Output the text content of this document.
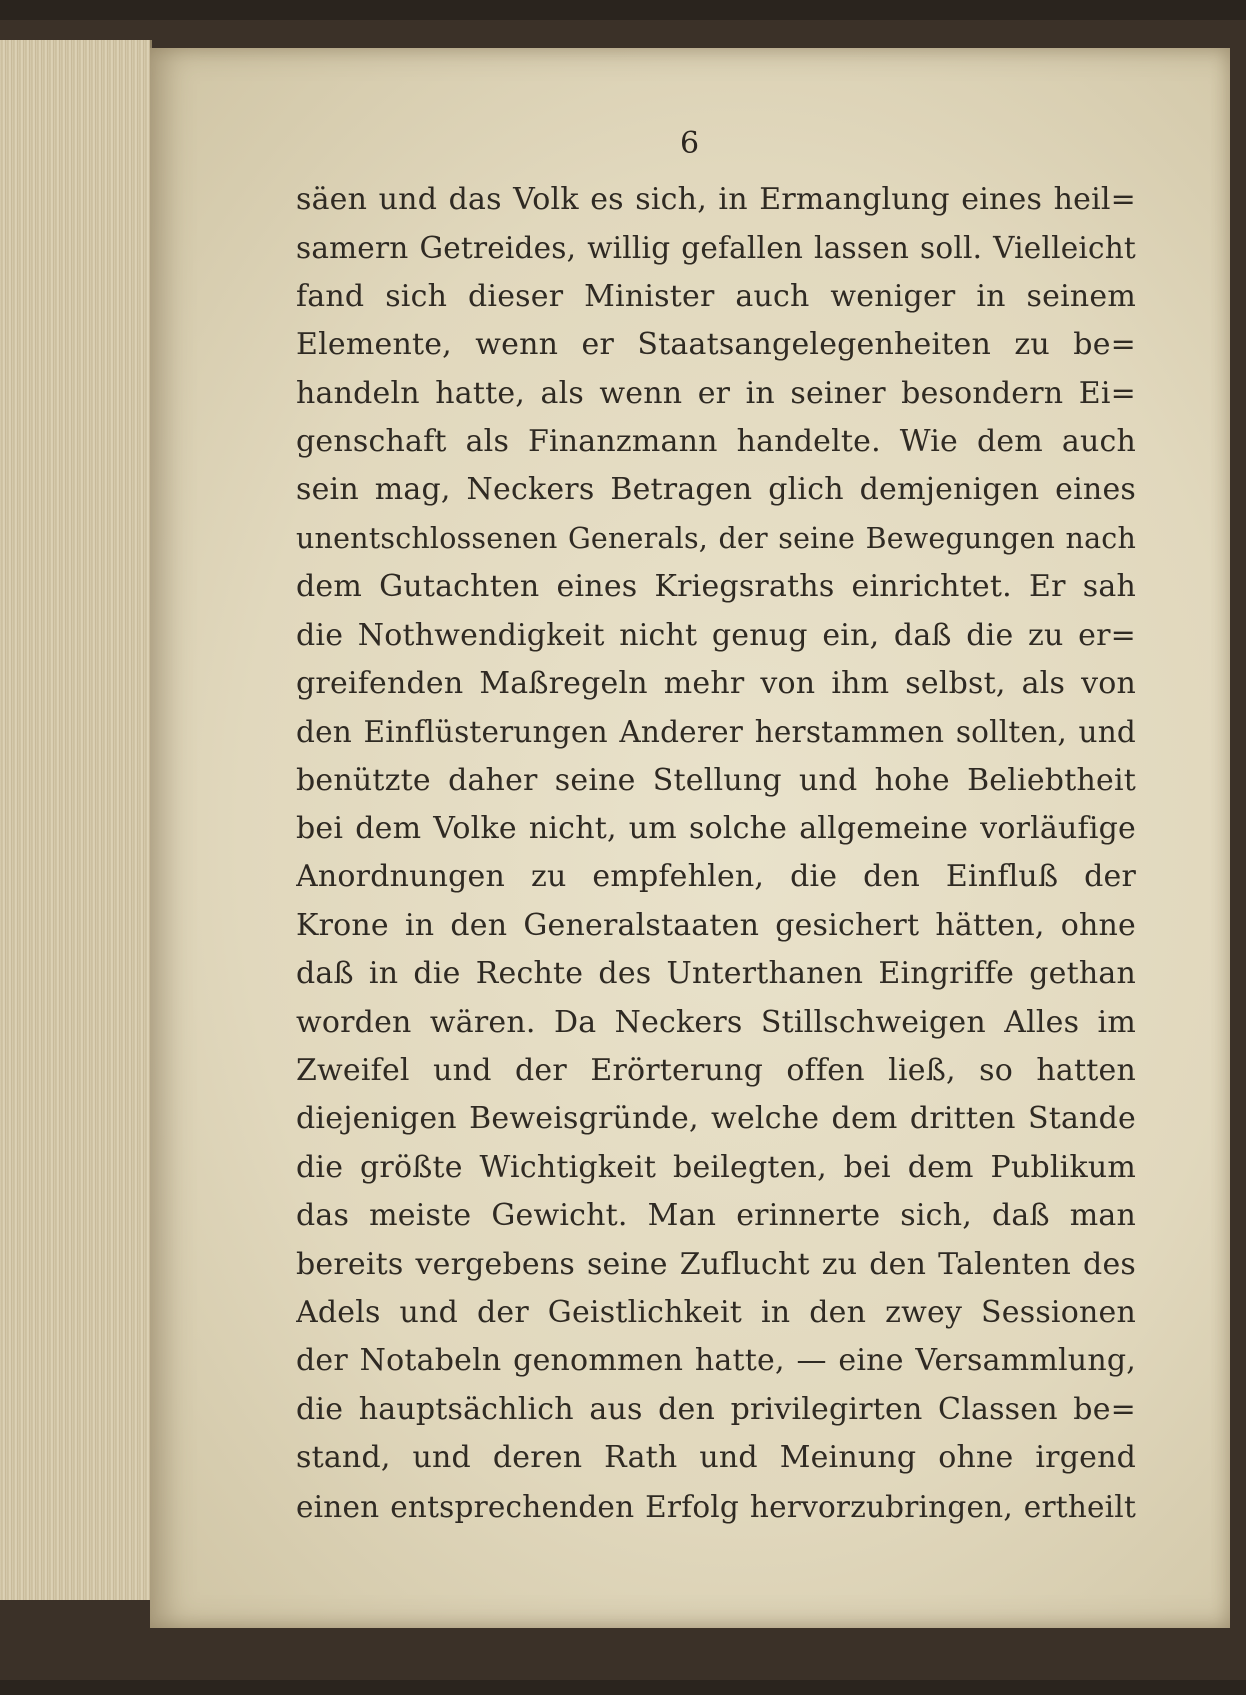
6
säen und das Volk es sich, in Ermanglung eines heil=
samern Getreides, willig gefallen lassen soll. Vielleicht
fand sich dieser Minister auch weniger in seinem
Elemente, wenn er Staatsangelegenheiten zu be=
handeln hatte, als wenn er in seiner besondern Ei=
genschaft als Finanzmann handelte. Wie dem auch
sein mag, Neckers Betragen glich demjenigen eines
unentschlossenen Generals, der seine Bewegungen nach
dem Gutachten eines Kriegsraths einrichtet. Er sah
die Nothwendigkeit nicht genug ein, daß die zu er=
greifenden Maßregeln mehr von ihm selbst, als von
den Einflüsterungen Anderer herstammen sollten, und
benützte daher seine Stellung und hohe Beliebtheit
bei dem Volke nicht, um solche allgemeine vorläufige
Anordnungen zu empfehlen, die den Einfluß der
Krone in den Generalstaaten gesichert hätten, ohne
daß in die Rechte des Unterthanen Eingriffe gethan
worden wären. Da Neckers Stillschweigen Alles im
Zweifel und der Erörterung offen ließ, so hatten
diejenigen Beweisgründe, welche dem dritten Stande
die größte Wichtigkeit beilegten, bei dem Publikum
das meiste Gewicht. Man erinnerte sich, daß man
bereits vergebens seine Zuflucht zu den Talenten des
Adels und der Geistlichkeit in den zwey Sessionen
der Notabeln genommen hatte, — eine Versammlung,
die hauptsächlich aus den privilegirten Classen be=
stand, und deren Rath und Meinung ohne irgend
einen entsprechenden Erfolg hervorzubringen, ertheilt
